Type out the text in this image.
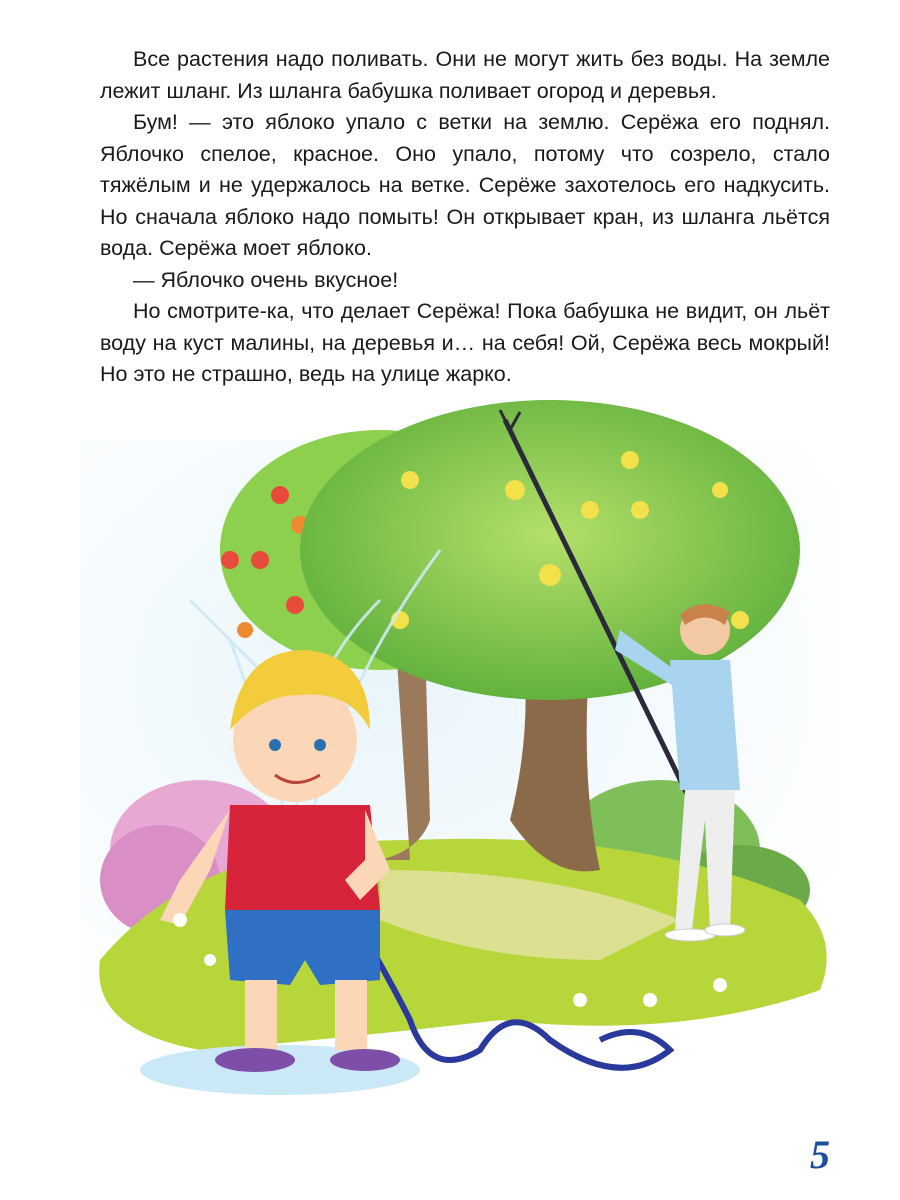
Все растения надо поливать. Они не могут жить без воды. На земле лежит шланг. Из шланга бабушка поливает огород и деревья.

Бум! — это яблоко упало с ветки на землю. Серёжа его поднял. Яблочко спелое, красное. Оно упало, потому что созрело, стало тяжёлым и не удержалось на ветке. Серёже захотелось его надкусить. Но сначала яблоко надо помыть! Он открывает кран, из шланга льётся вода. Серёжа моет яблоко.

— Яблочко очень вкусное!

Но смотрите-ка, что делает Серёжа! Пока бабушка не видит, он льёт воду на куст малины, на деревья и… на себя! Ой, Серёжа весь мокрый! Но это не страшно, ведь на улице жарко.

5
